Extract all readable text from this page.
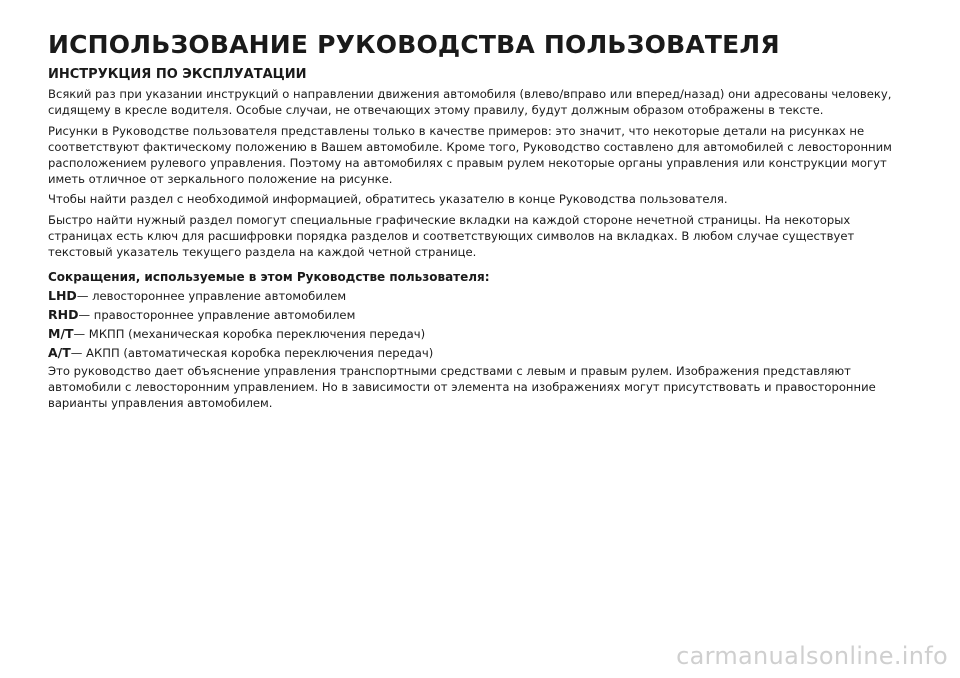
ИСПОЛЬЗОВАНИЕ РУКОВОДСТВА ПОЛЬЗОВАТЕЛЯ
ИНСТРУКЦИЯ ПО ЭКСПЛУАТАЦИИ

Всякий раз при указании инструкций о направлении движения автомобиля (влево/вправо или вперед/назад) они адресованы человеку, сидящему в кресле водителя. Особые случаи, не отвечающих этому правилу, будут должным образом отображены в тексте.

Рисунки в Руководстве пользователя представлены только в качестве примеров: это значит, что некоторые детали на рисунках не соответствуют фактическому положению в Вашем автомобиле. Кроме того, Руководство составлено для автомобилей с левосторонним расположением рулевого управления. Поэтому на автомобилях с правым рулем некоторые органы управления или конструкции могут иметь отличное от зеркального положение на рисунке.

Чтобы найти раздел с необходимой информацией, обратитесь указателю в конце Руководства пользователя.

Быстро найти нужный раздел помогут специальные графические вкладки на каждой стороне нечетной страницы. На некоторых страницах есть ключ для расшифровки порядка разделов и соответствующих символов на вкладках. В любом случае существует текстовый указатель текущего раздела на каждой четной странице.

Сокращения, используемые в этом Руководстве пользователя:
LHD— левостороннее управление автомобилем
RHD— правостороннее управление автомобилем
M/T— МКПП (механическая коробка переключения передач)
A/T— АКПП (автоматическая коробка переключения передач)

Это руководство дает объяснение управления транспортными средствами с левым и правым рулем. Изображения представляют автомобили с левосторонним управлением. Но в зависимости от элемента на изображениях могут присутствовать и правосторонние варианты управления автомобилем.

carmanualsonline.info
